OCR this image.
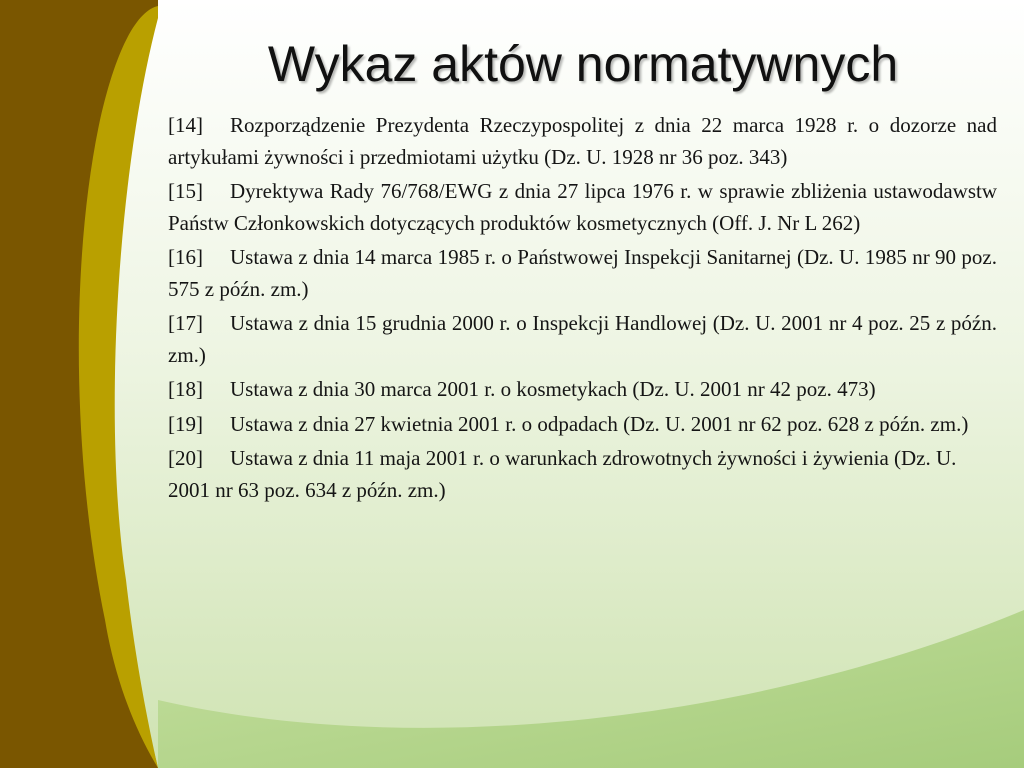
Wykaz aktów normatywnych
[14] Rozporządzenie Prezydenta Rzeczypospolitej z dnia 22 marca 1928 r. o dozorze nad artykułami żywności i przedmiotami użytku (Dz. U. 1928 nr 36 poz. 343)
[15] Dyrektywa Rady 76/768/EWG z dnia 27 lipca 1976 r. w sprawie zbliżenia ustawodawstw Państw Członkowskich dotyczących produktów kosmetycznych (Off. J. Nr L 262)
[16] Ustawa z dnia 14 marca 1985 r. o Państwowej Inspekcji Sanitarnej (Dz. U. 1985 nr 90 poz. 575 z późn. zm.)
[17] Ustawa z dnia 15 grudnia 2000 r. o Inspekcji Handlowej (Dz. U. 2001 nr 4 poz. 25 z późn. zm.)
[18] Ustawa z dnia 30 marca 2001 r. o kosmetykach (Dz. U. 2001 nr 42 poz. 473)
[19] Ustawa z dnia 27 kwietnia 2001 r. o odpadach (Dz. U. 2001 nr 62 poz. 628 z późn. zm.)
[20] Ustawa z dnia 11 maja 2001 r. o warunkach zdrowotnych żywności i żywienia (Dz. U. 2001 nr 63 poz. 634 z późn. zm.)
